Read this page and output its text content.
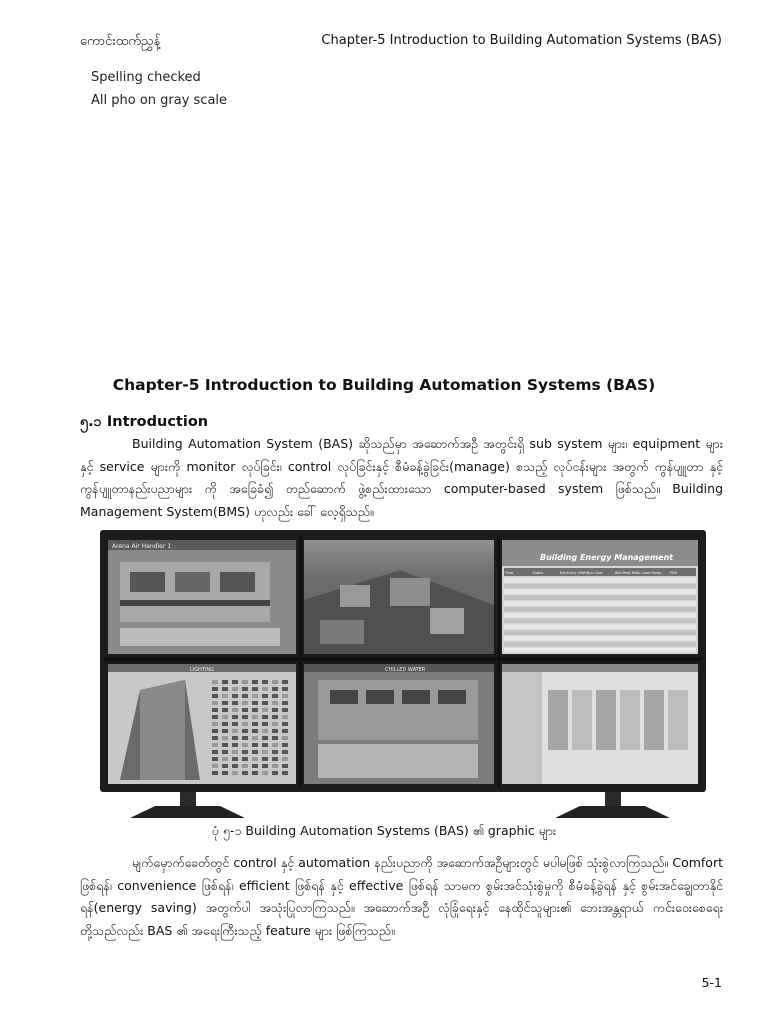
ကောင်းထက်ညွှန့်	Chapter-5 Introduction to Building Automation Systems (BAS)
Spelling checked
All pho on gray scale
Chapter-5 Introduction to Building Automation Systems (BAS)
၅.၁ Introduction
Building Automation System (BAS) ဆိုသည်မှာ အဆောက်အဦ အတွင်းရှိ sub system များ၊ equipment များ နှင့် service များကို monitor လုပ်ခြင်း၊ control လုပ်ခြင်းနှင့် စီမံခန့်ခွဲခြင်း(manage) စသည့် လုပ်ငန်းများ အတွက် ကွန်ပျူတာ နှင့် ကွန်ပျူတာနည်းပညာများ ကို အခြေခံ၍ တည်ဆောက် ဖွဲ့စည်းထားသော computer-based system ဖြစ်သည်။ Building Management System(BMS) ဟုလည်း ခေါ် လေ့ရှိသည်။
Arena Air Handler 1
Building Energy Management
Floor	Status	Electricity (kWh) Run Cost	Dist-Peak Ratio Load Factor FDM
LIGHTING	CHILLED WATER
ပုံ ၅-၁ Building Automation Systems (BAS) ၏ graphic များ
မျက်မှောက်ခေတ်တွင် control နှင့် automation နည်းပညာကို အဆောက်အဦများတွင် မပါမဖြစ် သုံးစွဲလာကြသည်။ Comfort ဖြစ်ရန်၊ convenience ဖြစ်ရန်၊ efficient ဖြစ်ရန် နှင့် effective ဖြစ်ရန် သာမက စွမ်းအင်သုံးစွဲမှုကို စီမံခန့်ခွဲရန် နှင့် စွမ်းအင်ချွေတာနိုင်ရန်(energy saving) အတွက်ပါ အသုံးပြုလာကြသည်။ အဆောက်အဦ လုံခြုံရေးနှင့် နေထိုင်သူများ၏ ဘေးအန္တရာယ် ကင်းဝေးစေရေး တို့သည်လည်း BAS ၏ အရေးကြီးသည့် feature များ ဖြစ်ကြသည်။
5-1
